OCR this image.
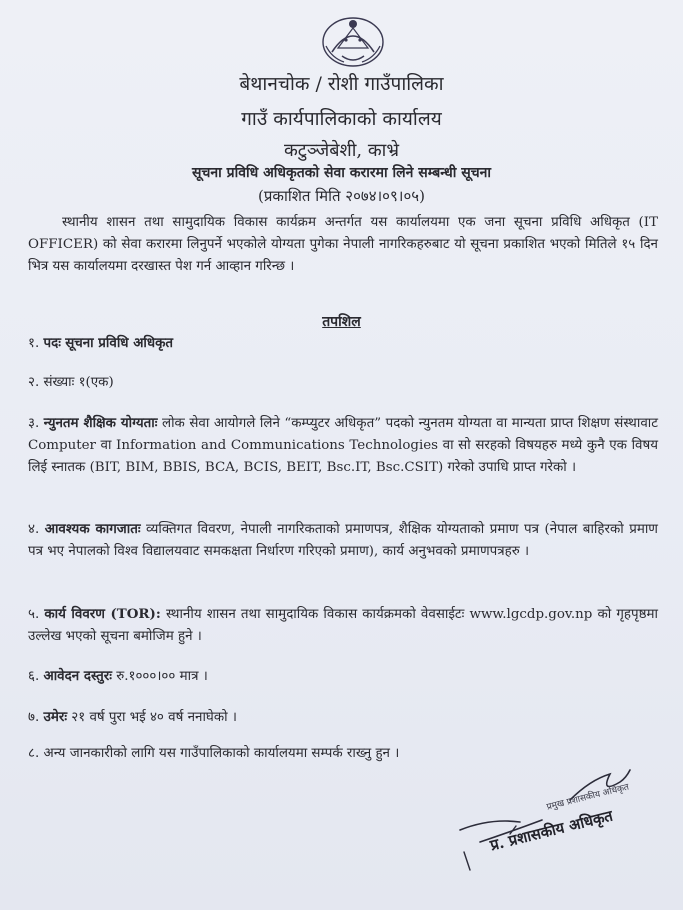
बेथानचोक / रोशी गाउँपालिका
गाउँ कार्यपालिकाको कार्यालय
कटुञ्जेबेशी, काभ्रे
सूचना प्रविधि अधिकृतको सेवा करारमा लिने सम्बन्धी सूचना
(प्रकाशित मिति २०७४।०९।०५)
स्थानीय शासन तथा सामुदायिक विकास कार्यक्रम अन्तर्गत यस कार्यालयमा एक जना सूचना प्रविधि अधिकृत (IT OFFICER) को सेवा करारमा लिनुपर्ने भएकोले योग्यता पुगेका नेपाली नागरिकहरुबाट यो सूचना प्रकाशित भएको मितिले १५ दिन भित्र यस कार्यालयमा दरखास्त पेश गर्न आव्हान गरिन्छ ।
तपशिल
१. पदः सूचना प्रविधि अधिकृत
२. संख्याः १(एक)
३. न्युनतम शैक्षिक योग्यताः लोक सेवा आयोगले लिने “कम्प्युटर अधिकृत” पदको न्युनतम योग्यता वा मान्यता प्राप्त शिक्षण संस्थावाट Computer वा Information and Communications Technologies वा सो सरहको विषयहरु मध्ये कुनै एक विषय लिई स्नातक (BIT, BIM, BBIS, BCA, BCIS, BEIT, Bsc.IT, Bsc.CSIT) गरेको उपाधि प्राप्त गरेको ।
४. आवश्यक कागजातः व्यक्तिगत विवरण, नेपाली नागरिकताको प्रमाणपत्र, शैक्षिक योग्यताको प्रमाण पत्र (नेपाल बाहिरको प्रमाण पत्र भए नेपालको विश्व विद्यालयवाट समकक्षता निर्धारण गरिएको प्रमाण), कार्य अनुभवको प्रमाणपत्रहरु ।
५. कार्य विवरण (TOR): स्थानीय शासन तथा सामुदायिक विकास कार्यक्रमको वेवसाईटः www.lgcdp.gov.np को गृहपृष्ठमा उल्लेख भएको सूचना बमोजिम हुने ।
६. आवेदन दस्तुरः रु.१०००।०० मात्र ।
७. उमेरः २१ वर्ष पुरा भई ४० वर्ष ननाघेको ।
८. अन्य जानकारीको लागि यस गाउँपालिकाको कार्यालयमा सम्पर्क राख्नु हुन ।
प्रमुख प्रशासकीय अधिकृत
प्र. प्रशासकीय अधिकृत
